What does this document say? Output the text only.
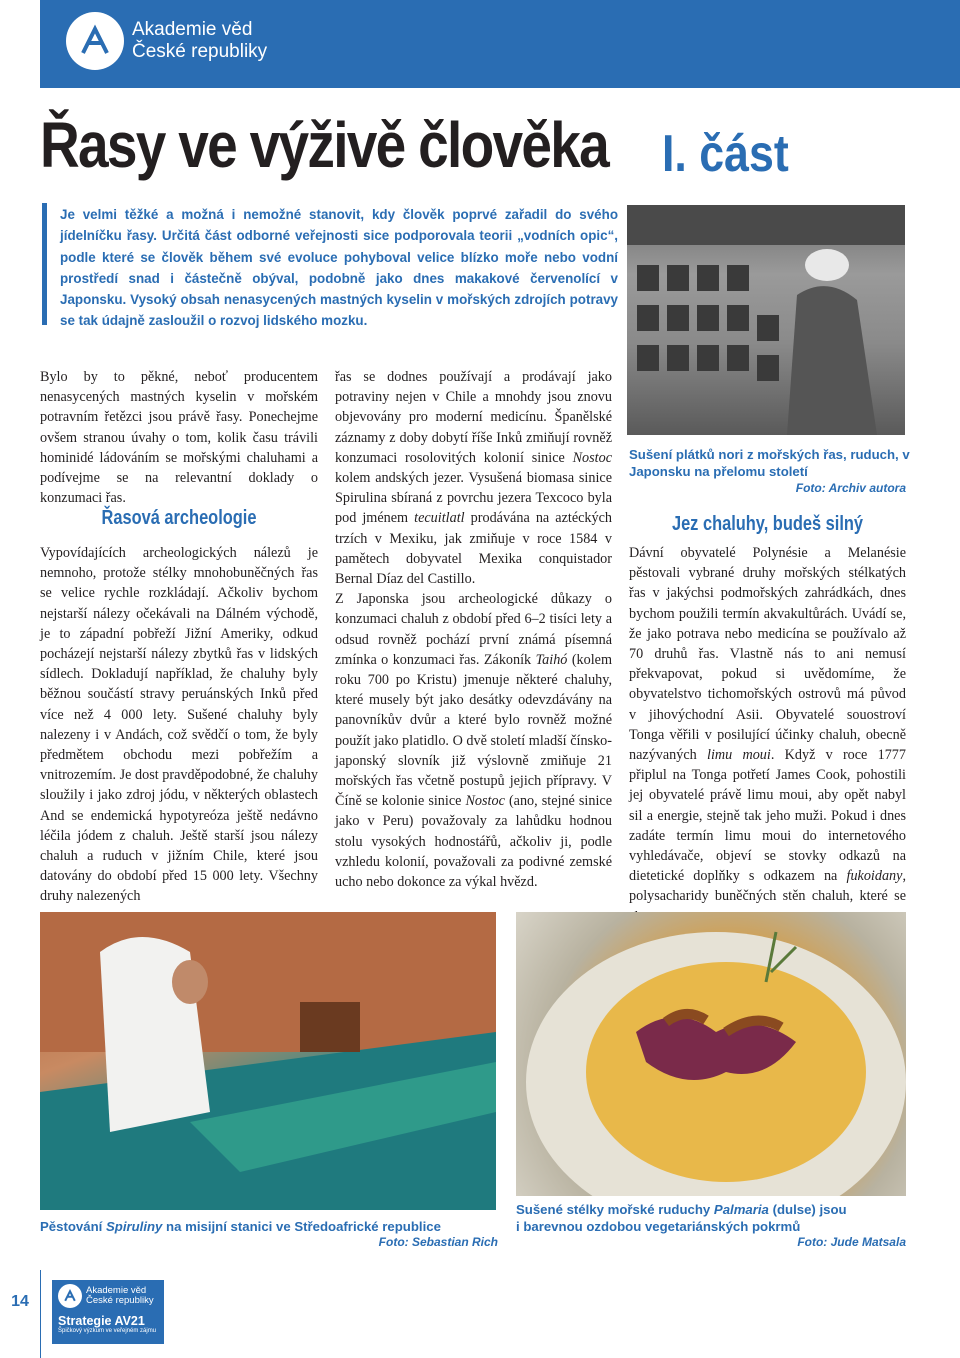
Akademie věd
České republiky
Řasy ve výživě člověka I. část
Je velmi těžké a možná i nemožné stanovit, kdy člověk poprvé zařadil do svého jídelníčku řasy. Určitá část odborné veřejnosti sice podporovala teorii „vodních opic“, podle které se člověk během své evoluce pohyboval velice blízko moře nebo vodní prostředí snad i částečně obýval, podobně jako dnes makakové červenolící v Japonsku. Vysoký obsah nenasycených mastných kyselin v mořských zdrojích potravy se tak údajně zasloužil o rozvoj lidského mozku.
Sušení plátků nori z mořských řas, ruduch, v Japonsku na přelomu století
Foto: Archiv autora

Bylo by to pěkné, neboť producentem nenasycených mastných kyselin v mořském potravním řetězci jsou právě řasy. Ponechejme ovšem stranou úvahy o tom, kolik času trávili hominidé ládováním se mořskými chaluhami a podívejme se na relevantní doklady o konzumaci řas.

Řasová archeologie

Vypovídajících archeologických nálezů je nemnoho, protože stélky mnohobuněčných řas se velice rychle rozkládají. Ačkoliv bychom nejstarší nálezy očekávali na Dálném východě, je to západní pobřeží Jižní Ameriky, odkud pocházejí nejstarší nálezy zbytků řas v lidských sídlech. Dokladují například, že chaluhy byly běžnou součástí stravy peruánských Inků před více než 4 000 lety. Sušené chaluhy byly nalezeny i v Andách, což svědčí o tom, že byly předmětem obchodu mezi pobřežím a vnitrozemím. Je dost pravděpodobné, že chaluhy sloužily i jako zdroj jódu, v některých oblastech And se endemická hypotyreóza ještě nedávno léčila jódem z chaluh. Ještě starší jsou nálezy chaluh a ruduch v jižním Chile, které jsou datovány do období před 15 000 lety. Všechny druhy nalezených

řas se dodnes používají a prodávají jako potraviny nejen v Chile a mnohdy jsou znovu objevovány pro moderní medicínu. Španělské záznamy z doby dobytí říše Inků zmiňují rovněž konzumaci rosolovitých kolonií sinice Nostoc kolem andských jezer. Vysušená biomasa sinice Spirulina sbíraná z povrchu jezera Texcoco byla pod jménem tecuitlatl prodávána na aztéckých trzích v Mexiku, jak zmiňuje v roce 1584 v pamětech dobyvatel Mexika conquistador Bernal Díaz del Castillo.

Z Japonska jsou archeologické důkazy o konzumaci chaluh z období před 6–2 tisíci lety a odsud rovněž pochází první známá písemná zmínka o konzumaci řas. Zákoník Taihó (kolem roku 700 po Kristu) jmenuje některé chaluhy, které musely být jako desátky odevzdávány na panovníkův dvůr a které bylo rovněž možné použít jako platidlo. O dvě století mladší čínsko-japonský slovník již výslovně zmiňuje 21 mořských řas včetně postupů jejich přípravy. V Číně se kolonie sinice Nostoc (ano, stejné sinice jako v Peru) považovaly za lahůdku hodnou stolu vysokých hodnostářů, ačkoliv ji, podle vzhledu kolonií, považovali za podivné zemské ucho nebo dokonce za výkal hvězd.

Jez chaluhy, budeš silný

Dávní obyvatelé Polynésie a Melanésie pěstovali vybrané druhy mořských stélkatých řas v jakýchsi podmořských zahrádkách, dnes bychom použili termín akvakultůrách. Uvádí se, že jako potrava nebo medicína se používalo až 70 druhů řas. Vlastně nás to ani nemusí překvapovat, pokud si uvědomíme, že obyvatelstvo tichomořských ostrovů má původ v jihovýchodní Asii. Obyvatelé souostroví Tonga věřili v posilující účinky chaluh, obecně nazývaných limu moui. Když v roce 1777 připlul na Tonga potřetí James Cook, pohostili jej obyvatelé právě limu moui, aby opět nabyl sil a energie, stejně tak jeho muži. Pokud i dnes zadáte termín limu moui do internetového vyhledávače, objeví se stovky odkazů na dietetické doplňky s odkazem na fukoidany, polysacharidy buněčných stěn chaluh, které se

Pěstování Spiruliny na misijní stanici ve Středoafrické republice
Foto: Sebastian Rich
Sušené stélky mořské ruduchy Palmaria (dulse) jsou
i barevnou ozdobou vegetariánských pokrmů
Foto: Jude Matsala
14
Akademie věd
České republiky
Strategie AV21
Špičkový výzkum ve veřejném zájmu
